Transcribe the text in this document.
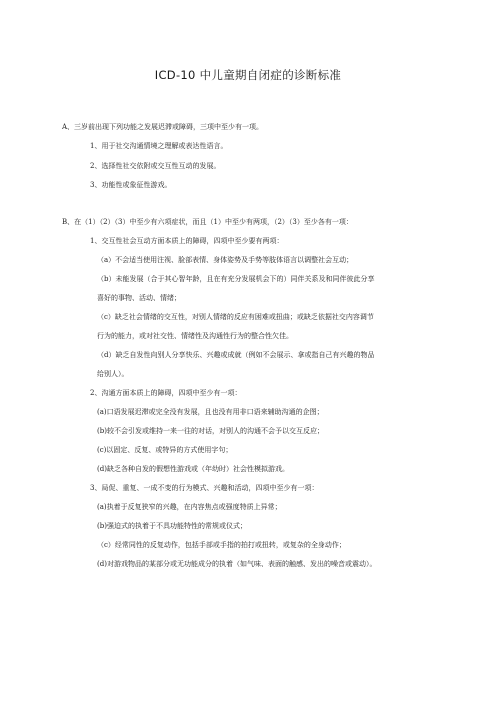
ICD-10 中儿童期自闭症的诊断标准
A、三岁前出现下列功能之发展迟滞或障碍，三项中至少有一项。
1、用于社交沟通情境之理解或表达性语言。
2、选择性社交依附或交互性互动的发展。
3、功能性或象征性游戏。
B、在（1）（2）（3）中至少有六项症状，而且（1）中至少有两项，（2）（3）至少各有一项：
1、交互性社会互动方面本质上的障碍，四项中至少要有两项：
（a）不会适当使用注视、脸部表情、身体姿势及手势等肢体语言以调整社会互动；
（b）未能发展（合于其心智年龄，且在有充分发展机会下的）同伴关系及和同伴彼此分享
喜好的事物、活动、情绪；
（c）缺乏社会情绪的交互性，对别人情绪的反应有困难或扭曲；或缺乏依据社交内容调节
行为的能力，或对社交性、情绪性及沟通性行为的整合性欠佳。
（d）缺乏自发性向别人分享快乐、兴趣或成就（例如不会展示、拿或指自己有兴趣的物品
给别人）。
2、沟通方面本质上的障碍，四项中至少有一项：
(a)口语发展迟滞或完全没有发展，且也没有用非口语来辅助沟通的企图；
(b)较不会引发或维持一来一往的对话，对别人的沟通不会予以交互反应；
(c)以固定、反复、或特异的方式使用字句；
(d)缺乏各种自发的假想性游戏或（年幼时）社会性模拟游戏。
3、局促、重复、一成不变的行为模式、兴趣和活动，四项中至少有一项：
(a)执着于反复狭窄的兴趣，在内容焦点或强度特质上异常；
(b)强迫式的执着于不具功能特性的常规或仪式；
（c）经常同性的反复动作，包括手部或手指的拍打或扭转，或复杂的全身动作；
(d)对游戏物品的某部分或无功能成分的执着（如气味、表面的触感、发出的噪音或震动）。
